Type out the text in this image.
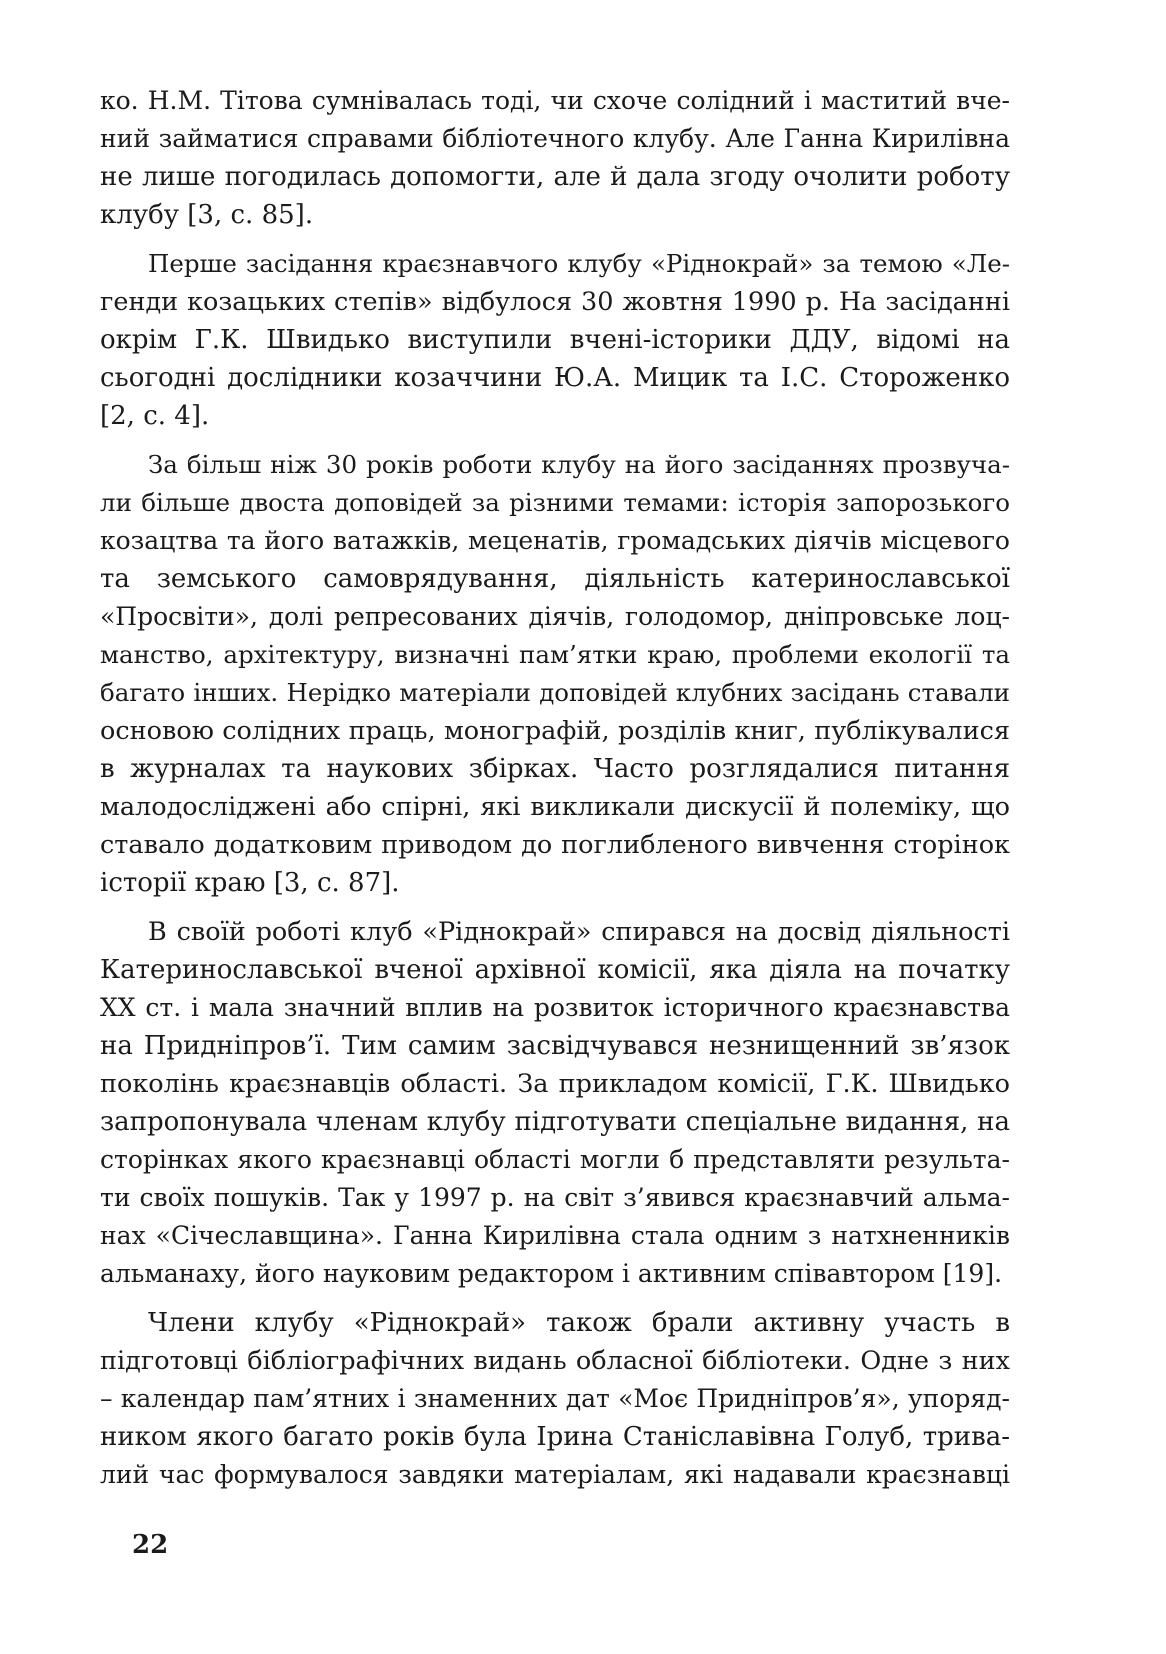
ко. Н.М. Тітова сумнівалась тоді, чи схоче солідний і маститий вче-
ний займатися справами бібліотечного клубу. Але Ганна Кирилівна
не лише погодилась допомогти, але й дала згоду очолити роботу
клубу [3, с. 85].
Перше засідання краєзнавчого клубу «Ріднокрай» за темою «Ле-
генди козацьких степів» відбулося 30 жовтня 1990 р. На засіданні
окрім Г.К. Швидько виступили вчені-історики ДДУ, відомі на
сьогодні дослідники козаччини Ю.А. Мицик та І.С. Стороженко
[2, с. 4].
За більш ніж 30 років роботи клубу на його засіданнях прозвуча-
ли більше двоста доповідей за різними темами: історія запорозького
козацтва та його ватажків, меценатів, громадських діячів місцевого
та земського самоврядування, діяльність катеринославської
«Просвіти», долі репресованих діячів, голодомор, дніпровське лоц-
манство, архітектуру, визначні пам’ятки краю, проблеми екології та
багато інших. Нерідко матеріали доповідей клубних засідань ставали
основою солідних праць, монографій, розділів книг, публікувалися
в журналах та наукових збірках. Часто розглядалися питання
малодосліджені або спірні, які викликали дискусії й полеміку, що
ставало додатковим приводом до поглибленого вивчення сторінок
історії краю [3, с. 87].
В своїй роботі клуб «Ріднокрай» спирався на досвід діяльності
Катеринославської вченої архівної комісії, яка діяла на початку
ХХ ст. і мала значний вплив на розвиток історичного краєзнавства
на Придніпров’ї. Тим самим засвідчувався незнищенний зв’язок
поколінь краєзнавців області. За прикладом комісії, Г.К. Швидько
запропонувала членам клубу підготувати спеціальне видання, на
сторінках якого краєзнавці області могли б представляти результа-
ти своїх пошуків. Так у 1997 р. на світ з’явився краєзнавчий альма-
нах «Січеславщина». Ганна Кирилівна стала одним з натхненників
альманаху, його науковим редактором і активним співавтором [19].
Члени клубу «Ріднокрай» також брали активну участь в
підготовці бібліографічних видань обласної бібліотеки. Одне з них
– календар пам’ятних і знаменних дат «Моє Придніпров’я», упоряд-
ником якого багато років була Ірина Станіславівна Голуб, трива-
лий час формувалося завдяки матеріалам, які надавали краєзнавці
22
